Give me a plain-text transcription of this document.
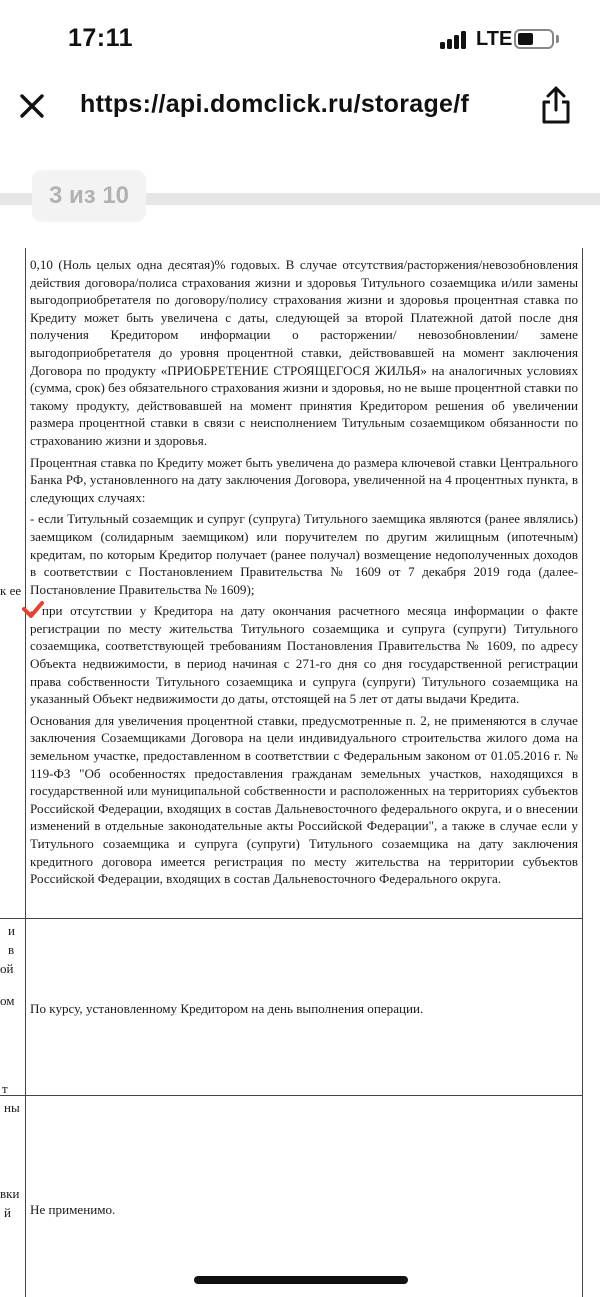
17:11	LTE
https://api.domclick.ru/storage/f
3 из 10
к ее
и
в
ой
ом
т
ны
вки
й

0,10 (Ноль целых одна десятая)% годовых. В случае отсутствия/расторжения/невозобновления действия договора/полиса страхования жизни и здоровья Титульного созаемщика и/или замены выгодоприобретателя по договору/полису страхования жизни и здоровья процентная ставка по Кредиту может быть увеличена с даты, следующей за второй Платежной датой после дня получения Кредитором информации о расторжении/ невозобновлении/ замене выгодоприобретателя до уровня процентной ставки, действовавшей на момент заключения Договора по продукту «ПРИОБРЕТЕНИЕ СТРОЯЩЕГОСЯ ЖИЛЬЯ» на аналогичных условиях (сумма, срок) без обязательного страхования жизни и здоровья, но не выше процентной ставки по такому продукту, действовавшей на момент принятия Кредитором решения об увеличении размера процентной ставки в связи с неисполнением Титульным созаемщиком обязанности по страхованию жизни и здоровья.

Процентная ставка по Кредиту может быть увеличена до размера ключевой ставки Центрального Банка РФ, установленного на дату заключения Договора, увеличенной на 4 процентных пункта, в следующих случаях:

- если Титульный созаемщик и супруг (супруга) Титульного заемщика являются (ранее являлись) заемщиком (солидарным заемщиком) или поручителем по другим жилищным (ипотечным) кредитам, по которым Кредитор получает (ранее получал) возмещение недополученных доходов в соответствии с Постановлением Правительства № 1609 от 7 декабря 2019 года (далее- Постановление Правительства № 1609);

- при отсутствии у Кредитора на дату окончания расчетного месяца информации о факте регистрации по месту жительства Титульного созаемщика и супруга (супруги) Титульного созаемщика, соответствующей требованиям Постановления Правительства № 1609, по адресу Объекта недвижимости, в период начиная с 271-го дня со дня государственной регистрации права собственности Титульного созаемщика и супруга (супруги) Титульного созаемщика на указанный Объект недвижимости до даты, отстоящей на 5 лет от даты выдачи Кредита.

Основания для увеличения процентной ставки, предусмотренные п. 2, не применяются в случае заключения Созаемщиками Договора на цели индивидуального строительства жилого дома на земельном участке, предоставленном в соответствии с Федеральным законом от 01.05.2016 г. № 119-ФЗ "Об особенностях предоставления гражданам земельных участков, находящихся в государственной или муниципальной собственности и расположенных на территориях субъектов Российской Федерации, входящих в состав Дальневосточного федерального округа, и о внесении изменений в отдельные законодательные акты Российской Федерации", а также в случае если у Титульного созаемщика и супруга (супруги) Титульного созаемщика на дату заключения кредитного договора имеется регистрация по месту жительства на территории субъектов Российской Федерации, входящих в состав Дальневосточного Федерального округа.

По курсу, установленному Кредитором на день выполнения операции.
Не применимо.
